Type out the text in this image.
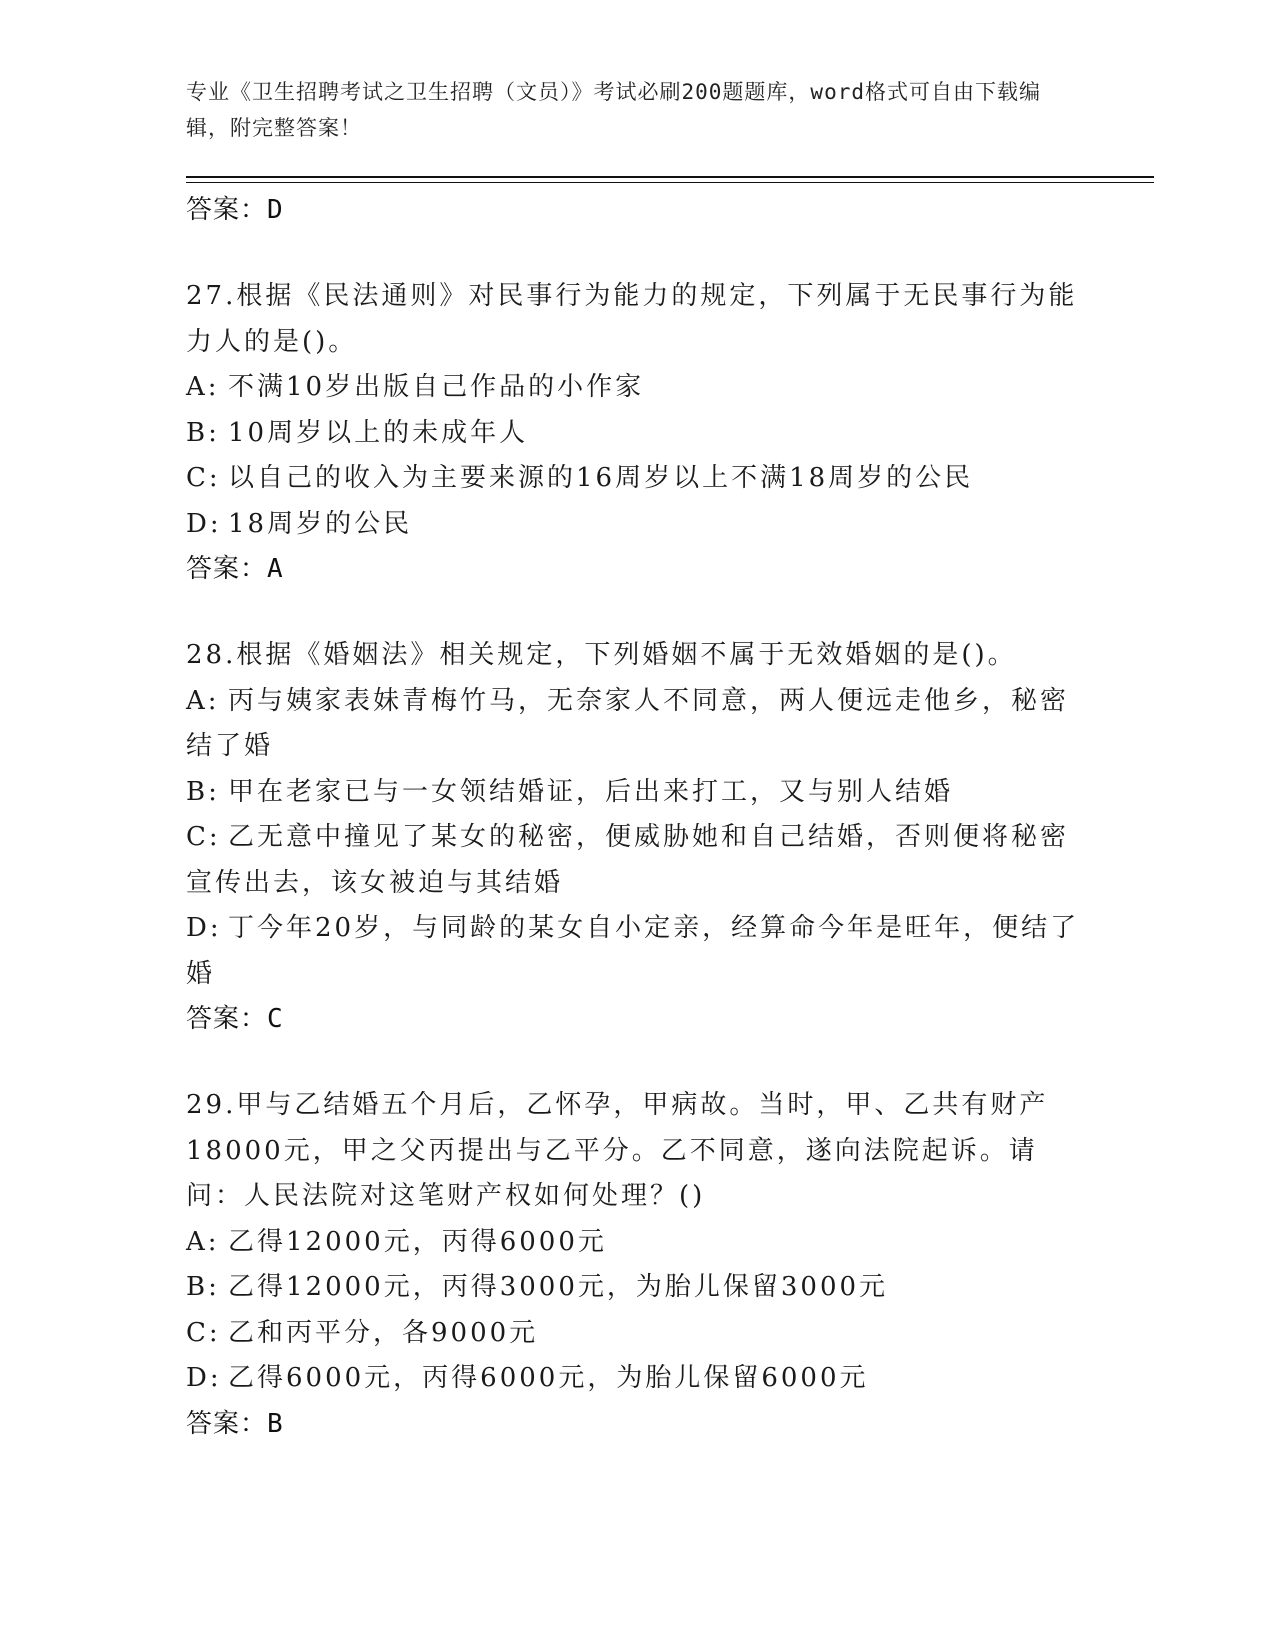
专业《卫生招聘考试之卫生招聘（文员）》考试必刷200题题库，word格式可自由下载编辑，附完整答案！
答案：D
27.根据《民法通则》对民事行为能力的规定，下列属于无民事行为能力人的是()。
A: 不满10岁出版自己作品的小作家
B: 10周岁以上的未成年人
C: 以自己的收入为主要来源的16周岁以上不满18周岁的公民
D: 18周岁的公民
答案：A
28.根据《婚姻法》相关规定，下列婚姻不属于无效婚姻的是()。
A: 丙与姨家表妹青梅竹马，无奈家人不同意，两人便远走他乡，秘密结了婚
B: 甲在老家已与一女领结婚证，后出来打工，又与别人结婚
C: 乙无意中撞见了某女的秘密，便威胁她和自己结婚，否则便将秘密宣传出去，该女被迫与其结婚
D: 丁今年20岁，与同龄的某女自小定亲，经算命今年是旺年，便结了婚
答案：C
29.甲与乙结婚五个月后，乙怀孕，甲病故。当时，甲、乙共有财产18000元，甲之父丙提出与乙平分。乙不同意，遂向法院起诉。请问：人民法院对这笔财产权如何处理？()
A: 乙得12000元，丙得6000元
B: 乙得12000元，丙得3000元，为胎儿保留3000元
C: 乙和丙平分，各9000元
D: 乙得6000元，丙得6000元，为胎儿保留6000元
答案：B
